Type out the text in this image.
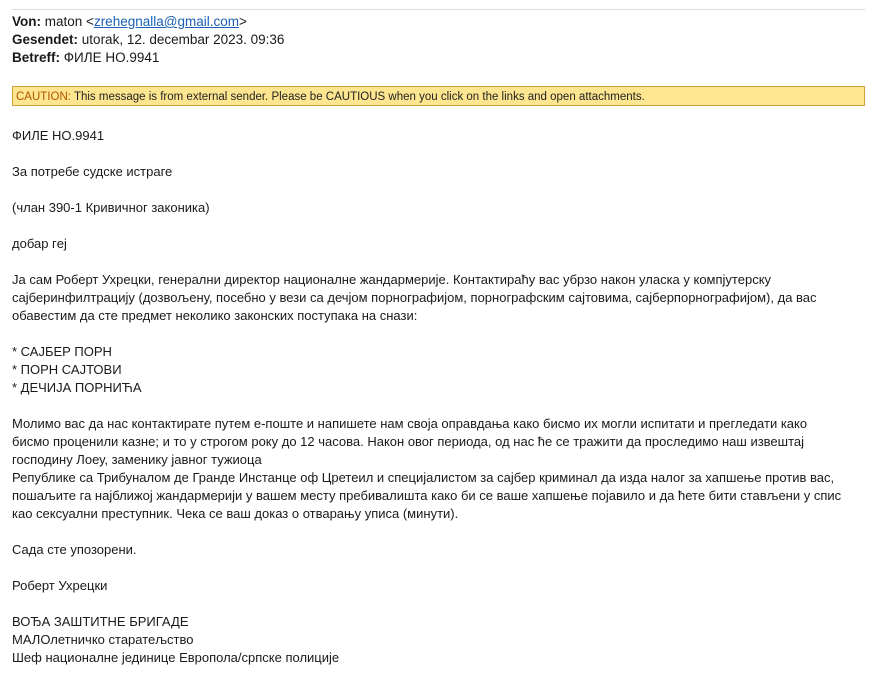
Von: maton <zrehegnalla@gmail.com>
Gesendet: utorak, 12. decembar 2023. 09:36
Betreff: ФИЛЕ НО.9941
CAUTION: This message is from external sender. Please be CAUTIOUS when you click on the links and open attachments.

ФИЛЕ НО.9941

За потребе судске истраге

(члан 390-1 Кривичног законика)

добар гej

Ја сам Роберт Ухрецки, генерални директор националне жандармерије. Контактираћу вас убрзо након уласка у компјутерску
сајберинфилтрацију (дозвољену, посебно у вези са дечјом порнографијом, порнографским сајтовима, сајберпорнографијом), да вас
обавестим да сте предмет неколико законских поступака на снази:

* САЈБЕР ПОРН
* ПОРН САЈТОВИ
* ДЕЧИЈА ПОРНИЋА

Молимо вас да нас контактирате путем е-поште и напишете нам своја оправдања како бисмо их могли испитати и прегледати како
бисмо проценили казне; и то у строгом року до 12 часова. Након овог периода, од нас ће се тражити да проследимо наш извештај
господину Лоеу, заменику јавног тужиоца
Републике са Трибуналом де Гранде Инстанце оф Цретеил и специјалистом за сајбер криминал да изда налог за хапшење против вас,
пошаљите га најближој жандармерији у вашем месту пребивалишта како би се ваше хапшење појавило и да ћете бити стављени у спис
као сексуални преступник. Чека се ваш доказ о отварању уписа (минути).

Сада сте упозорени.

Роберт Ухрецки

ВОЂА ЗАШТИТНЕ БРИГАДЕ
МАЛОлетничко старатељство
Шеф националне јединице Европола/српске полиције
